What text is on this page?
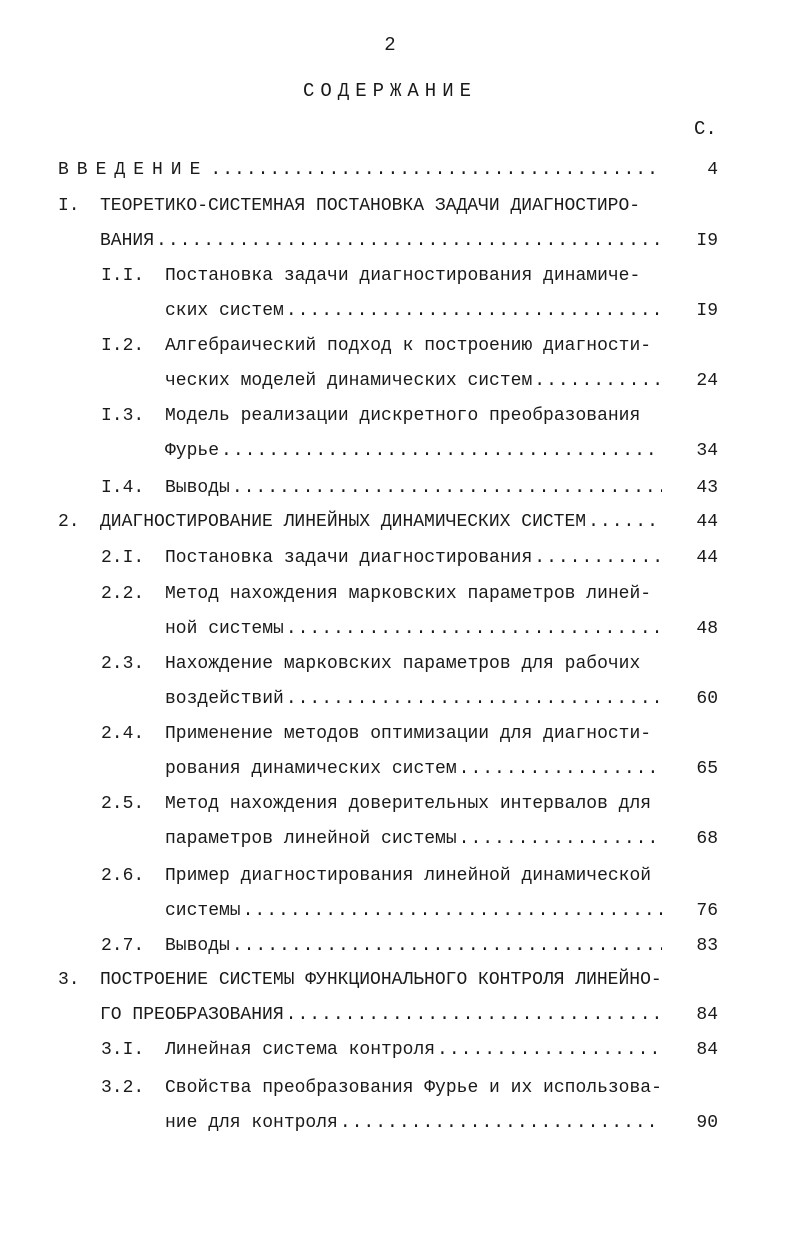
2
СОДЕРЖАНИЕ
С.
ВВЕДЕНИЕ .....	4
I. ТЕОРЕТИКО-СИСТЕМНАЯ ПОСТАНОВКА ЗАДАЧИ ДИАГНОСТИРО-
ВАНИЯ .....	I9
I.I. Постановка задачи диагностирования динамиче-
ских систем .....	I9
I.2. Алгебраический подход к построению диагности-
ческих моделей динамических систем .....	24
I.3. Модель реализации дискретного преобразования
Фурье .....	34
I.4. Выводы .....	43
2. ДИАГНОСТИРОВАНИЕ ЛИНЕЙНЫХ ДИНАМИЧЕСКИХ СИСТЕМ .....	44
2.I. Постановка задачи диагностирования .....	44
2.2. Метод нахождения марковских параметров линей-
ной системы .....	48
2.3. Нахождение марковских параметров для рабочих
воздействий .....	60
2.4. Применение методов оптимизации для диагности-
рования динамических систем .....	65
2.5. Метод нахождения доверительных интервалов для
параметров линейной системы .....	68
2.6. Пример диагностирования линейной динамической
системы .....	76
2.7. Выводы .....	83
3. ПОСТРОЕНИЕ СИСТЕМЫ ФУНКЦИОНАЛЬНОГО КОНТРОЛЯ ЛИНЕЙНО-
ГО ПРЕОБРАЗОВАНИЯ .....	84
3.I. Линейная система контроля .....	84
3.2. Свойства преобразования Фурье и их использова-
ние для контроля .....	90
